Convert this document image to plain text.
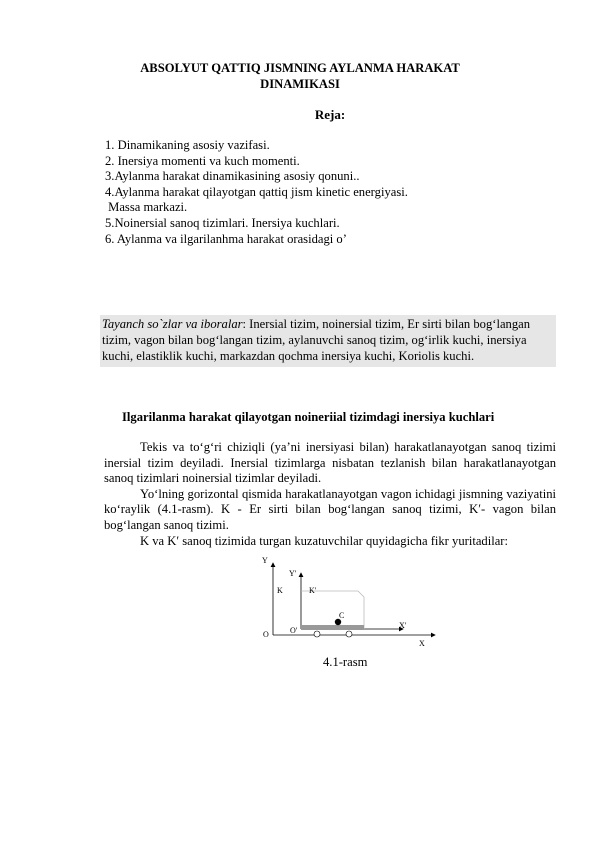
ABSOLYUT QATTIQ JISMNING AYLANMA HARAKAT DINAMIKASI
Reja:
1. Dinamikaning asosiy vazifasi.
2. Inersiya momenti va kuch momenti.
3.Aylanma harakat dinamikasining asosiy qonuni..
4.Aylanma harakat qilayotgan qattiq jism kinetic energiyasi.
Massa markazi.
5.Noinersial sanoq tizimlari. Inersiya kuchlari.
6. Aylanma va ilgarilanhma harakat orasidagi o’
Tayanch so`zlar va iboralar: Inersial tizim, noinersial tizim, Er sirti bilan bog‘langan tizim, vagon bilan bog‘langan tizim, aylanuvchi sanoq tizim, og‘irlik kuchi, inersiya kuchi, elastiklik kuchi, markazdan qochma inersiya kuchi, Koriolis kuchi.
Ilgarilanma harakat qilayotgan noineriial tizimdagi inersiya kuchlari

Tekis va to‘g‘ri chiziqli (ya’ni inersiyasi bilan) harakatlanayotgan sanoq tizimi inersial tizim deyiladi. Inersial tizimlarga nisbatan tezlanish bilan harakatlanayotgan sanoq tizimlari noinersial tizimlar deyiladi.

Yo‘lning gorizontal qismida harakatlanayotgan vagon ichidagi jismning vaziyatini ko‘raylik (4.1-rasm). K - Er sirti bilan bog‘langan sanoq tizimi, K′- vagon bilan bog‘langan sanoq tizimi.

K va K′ sanoq tizimida turgan kuzatuvchilar quyidagicha fikr yuritadilar:

Y
Y′
K	K′
C
X′
O	O′
X
4.1-rasm
